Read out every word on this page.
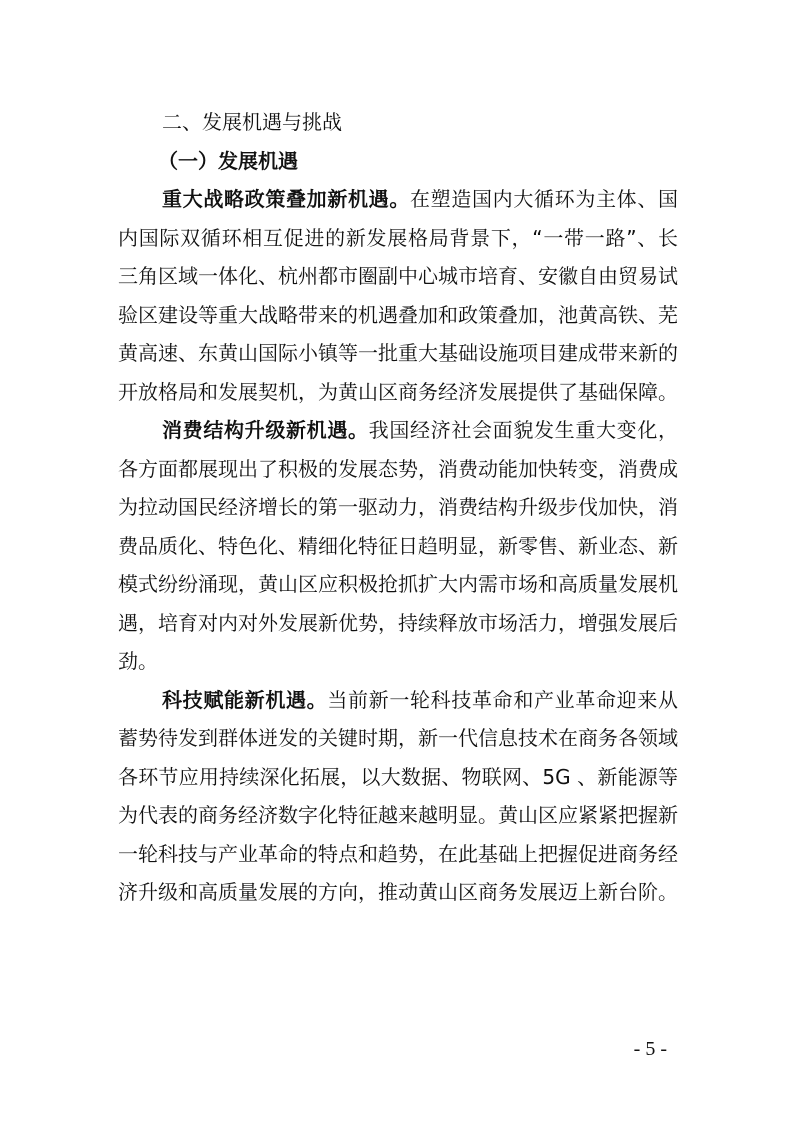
二、发展机遇与挑战

（一）发展机遇

重大战略政策叠加新机遇。在塑造国内大循环为主体、国内国际双循环相互促进的新发展格局背景下，“一带一路”、长三角区域一体化、杭州都市圈副中心城市培育、安徽自由贸易试验区建设等重大战略带来的机遇叠加和政策叠加，池黄高铁、芜黄高速、东黄山国际小镇等一批重大基础设施项目建成带来新的开放格局和发展契机，为黄山区商务经济发展提供了基础保障。

消费结构升级新机遇。我国经济社会面貌发生重大变化，各方面都展现出了积极的发展态势，消费动能加快转变，消费成为拉动国民经济增长的第一驱动力，消费结构升级步伐加快，消费品质化、特色化、精细化特征日趋明显，新零售、新业态、新模式纷纷涌现，黄山区应积极抢抓扩大内需市场和高质量发展机遇，培育对内对外发展新优势，持续释放市场活力，增强发展后劲。

科技赋能新机遇。当前新一轮科技革命和产业革命迎来从蓄势待发到群体迸发的关键时期，新一代信息技术在商务各领域各环节应用持续深化拓展，以大数据、物联网、5G 、新能源等为代表的商务经济数字化特征越来越明显。黄山区应紧紧把握新一轮科技与产业革命的特点和趋势，在此基础上把握促进商务经济升级和高质量发展的方向，推动黄山区商务发展迈上新台阶。

- 5 -
